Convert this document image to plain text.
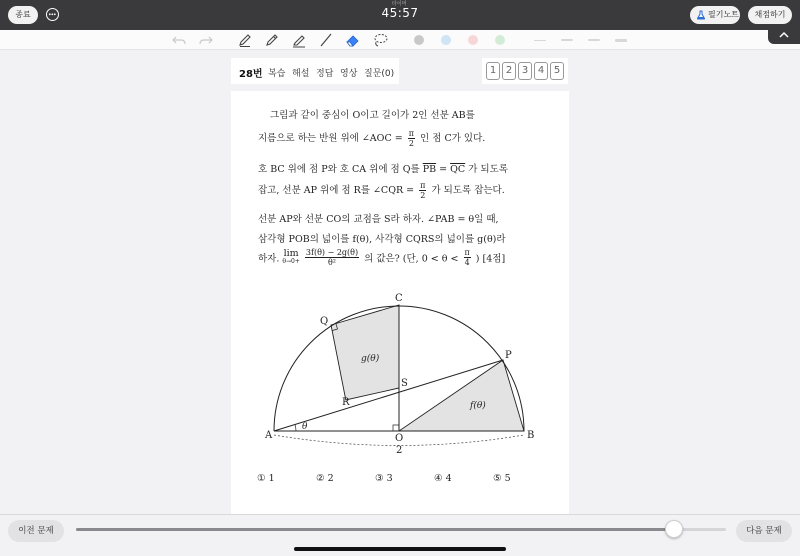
종료
타이머
45:57	필기노트	채점하기
28번 복습 해설 정답 영상 질문(0)	1 2 3 4 5
그림과 같이 중심이 O이고 길이가 2인 선분 AB를
지름으로 하는 반원 위에 ∠AOC = $\frac{\pi}{2}$ 인 점 C가 있다.
호 BC 위에 점 P와 호 CA 위에 점 Q를 $\overline{PB} = \overline{QC}$ 가 되도록
잡고, 선분 AP 위에 점 R를 ∠CQR = $\frac{\pi}{2}$ 가 되도록 잡는다.
선분 AP와 선분 CO의 교점을 S라 하자. ∠PAB = θ일 때,
삼각형 POB의 넓이를 f(θ), 사각형 CQRS의 넓이를 g(θ)라
하자.
lim
θ→0+
$\frac{3f(\theta) - 2g(\theta)}{\text{θ²}}$ 의 값은? (단, $0 < \theta < \frac{\pi}{4}$ ) [4점]
A	B
O
C
P
Q
R
S
θ
g(θ)
f(θ)
2
① 1	② 2	③ 3	④ 4	⑤ 5
이전 문제	다음 문제
